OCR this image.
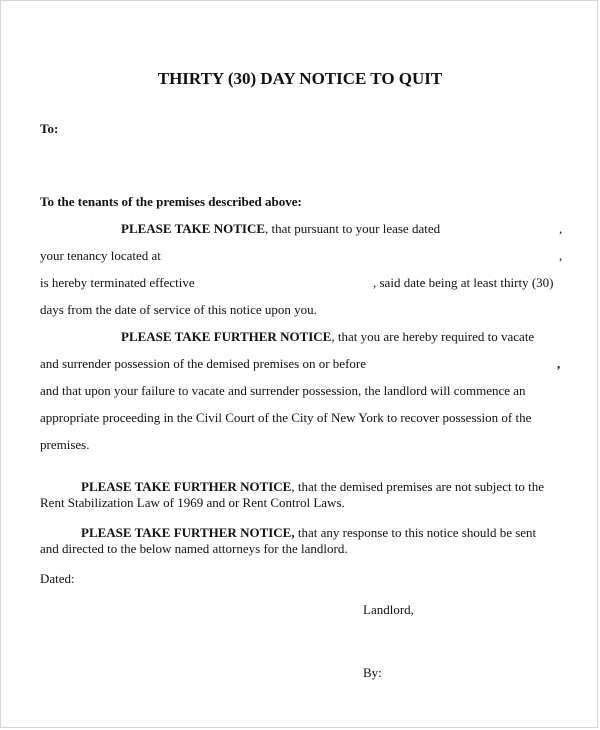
THIRTY (30) DAY NOTICE TO QUIT
To:
To the tenants of the premises described above:
PLEASE TAKE NOTICE, that pursuant to your lease dated	,
your tenancy located at	,
is hereby terminated effective	, said date being at least thirty (30)
days from the date of service of this notice upon you.
PLEASE TAKE FURTHER NOTICE, that you are hereby required to vacate
and surrender possession of the demised premises on or before	,
and that upon your failure to vacate and surrender possession, the landlord will commence an
appropriate proceeding in the Civil Court of the City of New York to recover possession of the
premises.
PLEASE TAKE FURTHER NOTICE, that the demised premises are not subject to the
Rent Stabilization Law of 1969 and or Rent Control Laws.
PLEASE TAKE FURTHER NOTICE, that any response to this notice should be sent
and directed to the below named attorneys for the landlord.
Dated:
Landlord,
By:
